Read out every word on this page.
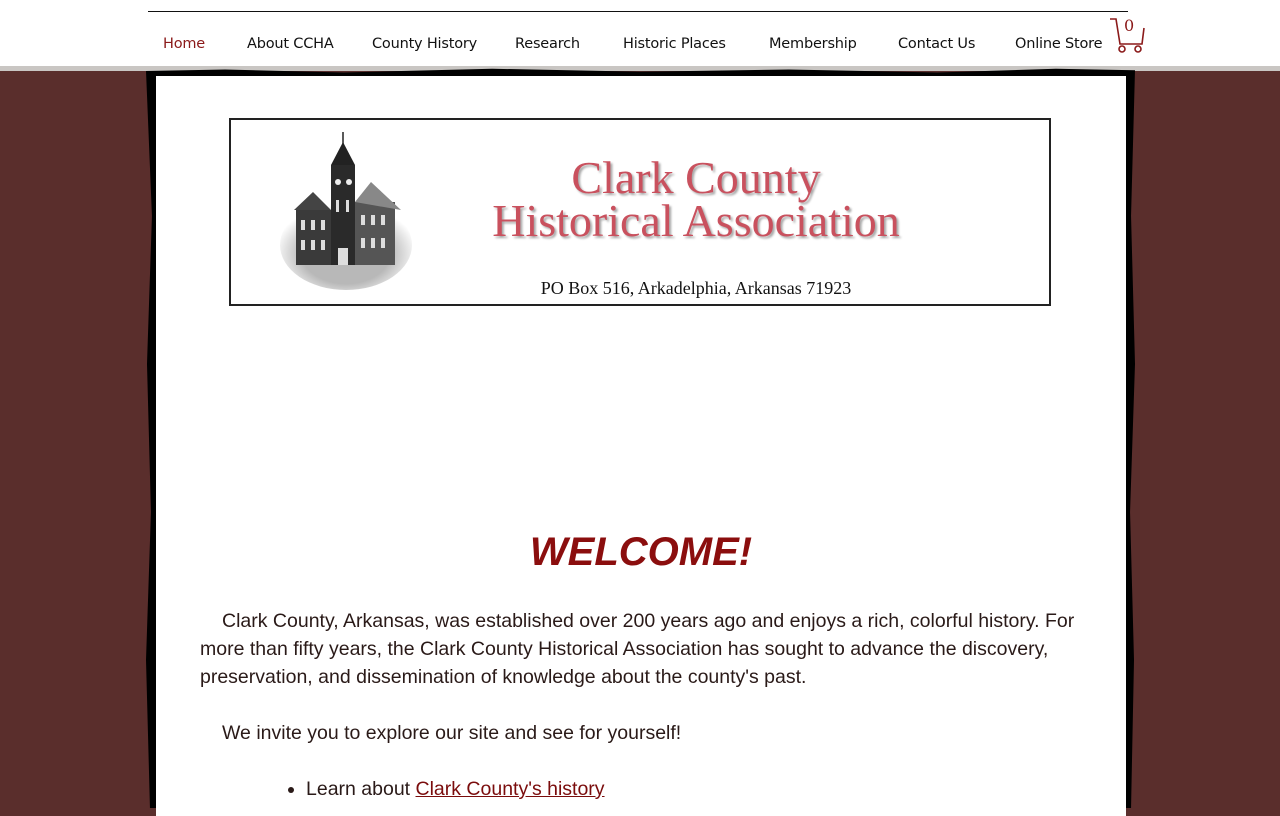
Home	About CCHA	County History	Research	Historic Places	Membership	Contact Us	Online Store
0
Clark County
Historical Association
PO Box 516, Arkadelphia, Arkansas 71923
WELCOME!

Clark County, Arkansas, was established over 200 years ago and enjoys a rich, colorful history. For more than fifty years, the Clark County Historical Association has sought to advance the discovery, preservation, and dissemination of knowledge about the county's past.

We invite you to explore our site and see for yourself!

• Learn about Clark County's history
